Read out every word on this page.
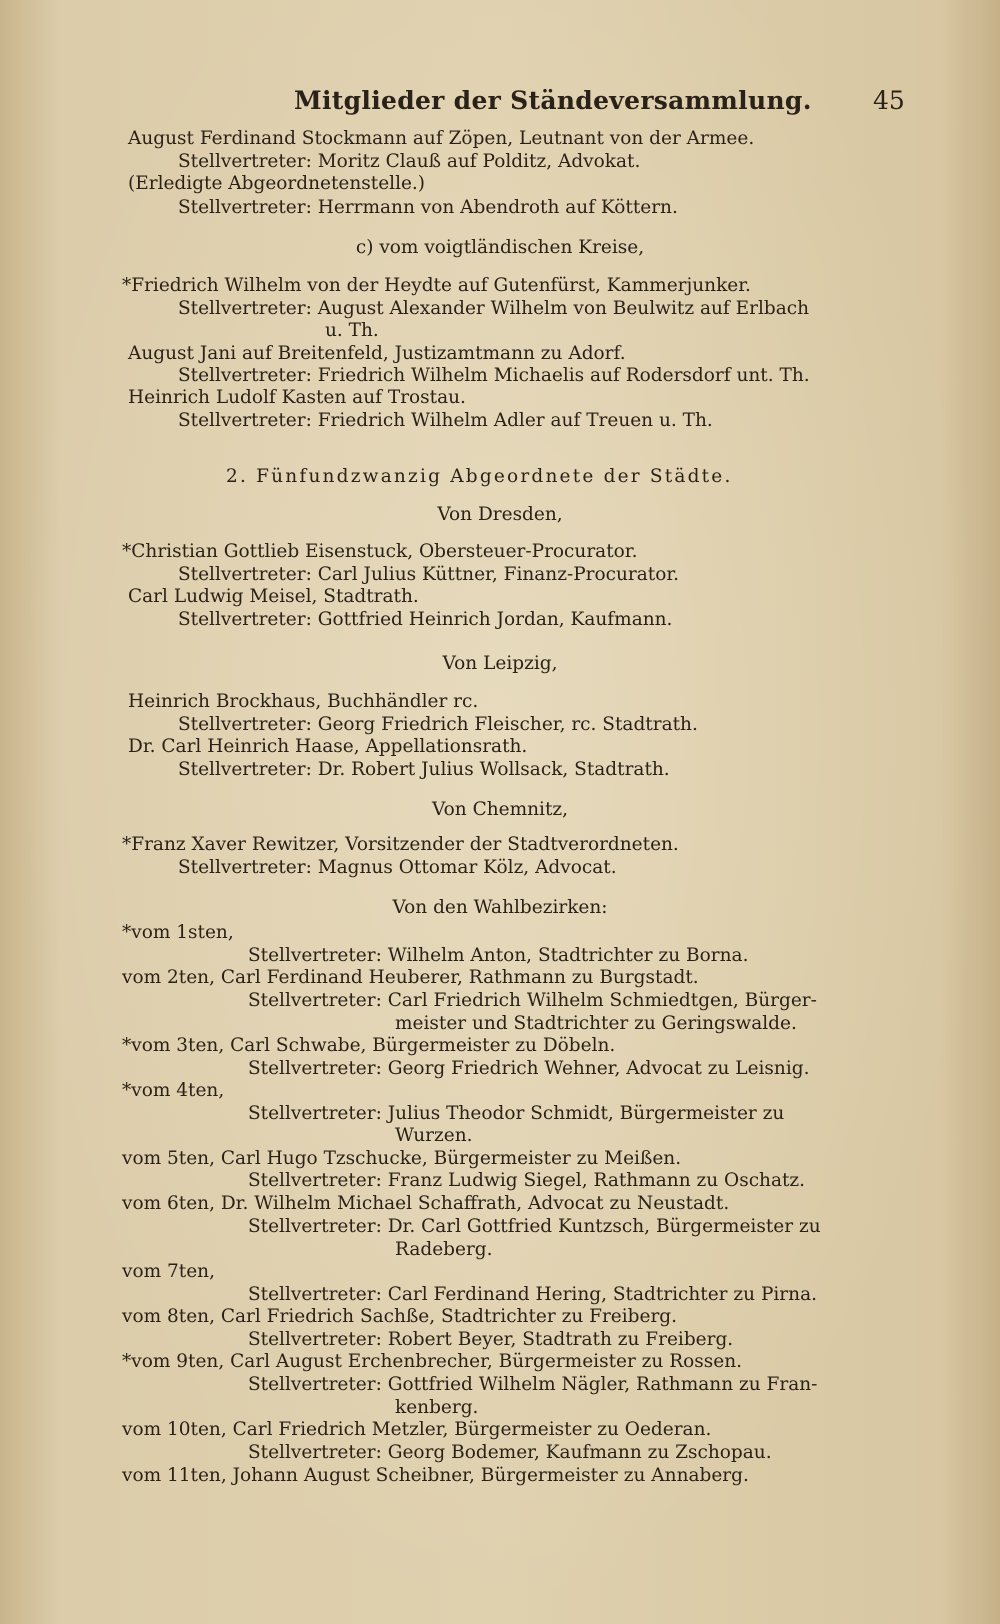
Mitglieder der Ständeversammlung. 45
August Ferdinand Stockmann auf Zöpen, Leutnant von der Armee.
Stellvertreter: Moritz Clauß auf Polditz, Advokat.
(Erledigte Abgeordnetenstelle.)
Stellvertreter: Herrmann von Abendroth auf Köttern.
c) vom voigtländischen Kreise,
*Friedrich Wilhelm von der Heydte auf Gutenfürst, Kammerjunker.
Stellvertreter: August Alexander Wilhelm von Beulwitz auf Erlbach
u. Th.
August Jani auf Breitenfeld, Justizamtmann zu Adorf.
Stellvertreter: Friedrich Wilhelm Michaelis auf Rodersdorf unt. Th.
Heinrich Ludolf Kasten auf Trostau.
Stellvertreter: Friedrich Wilhelm Adler auf Treuen u. Th.
2. Fünfundzwanzig Abgeordnete der Städte.
Von Dresden,
*Christian Gottlieb Eisenstuck, Obersteuer-Procurator.
Stellvertreter: Carl Julius Küttner, Finanz-Procurator.
Carl Ludwig Meisel, Stadtrath.
Stellvertreter: Gottfried Heinrich Jordan, Kaufmann.
Von Leipzig,
Heinrich Brockhaus, Buchhändler rc.
Stellvertreter: Georg Friedrich Fleischer, rc. Stadtrath.
Dr. Carl Heinrich Haase, Appellationsrath.
Stellvertreter: Dr. Robert Julius Wollsack, Stadtrath.
Von Chemnitz,
*Franz Xaver Rewitzer, Vorsitzender der Stadtverordneten.
Stellvertreter: Magnus Ottomar Kölz, Advocat.
Von den Wahlbezirken:
*vom 1sten,
Stellvertreter: Wilhelm Anton, Stadtrichter zu Borna.
vom 2ten, Carl Ferdinand Heuberer, Rathmann zu Burgstadt.
Stellvertreter: Carl Friedrich Wilhelm Schmiedtgen, Bürger-
meister und Stadtrichter zu Geringswalde.
*vom 3ten, Carl Schwabe, Bürgermeister zu Döbeln.
Stellvertreter: Georg Friedrich Wehner, Advocat zu Leisnig.
*vom 4ten,
Stellvertreter: Julius Theodor Schmidt, Bürgermeister zu
Wurzen.
vom 5ten, Carl Hugo Tzschucke, Bürgermeister zu Meißen.
Stellvertreter: Franz Ludwig Siegel, Rathmann zu Oschatz.
vom 6ten, Dr. Wilhelm Michael Schaffrath, Advocat zu Neustadt.
Stellvertreter: Dr. Carl Gottfried Kuntzsch, Bürgermeister zu
Radeberg.
vom 7ten,
Stellvertreter: Carl Ferdinand Hering, Stadtrichter zu Pirna.
vom 8ten, Carl Friedrich Sachße, Stadtrichter zu Freiberg.
Stellvertreter: Robert Beyer, Stadtrath zu Freiberg.
*vom 9ten, Carl August Erchenbrecher, Bürgermeister zu Rossen.
Stellvertreter: Gottfried Wilhelm Nägler, Rathmann zu Fran-
kenberg.
vom 10ten, Carl Friedrich Metzler, Bürgermeister zu Oederan.
Stellvertreter: Georg Bodemer, Kaufmann zu Zschopau.
vom 11ten, Johann August Scheibner, Bürgermeister zu Annaberg.
